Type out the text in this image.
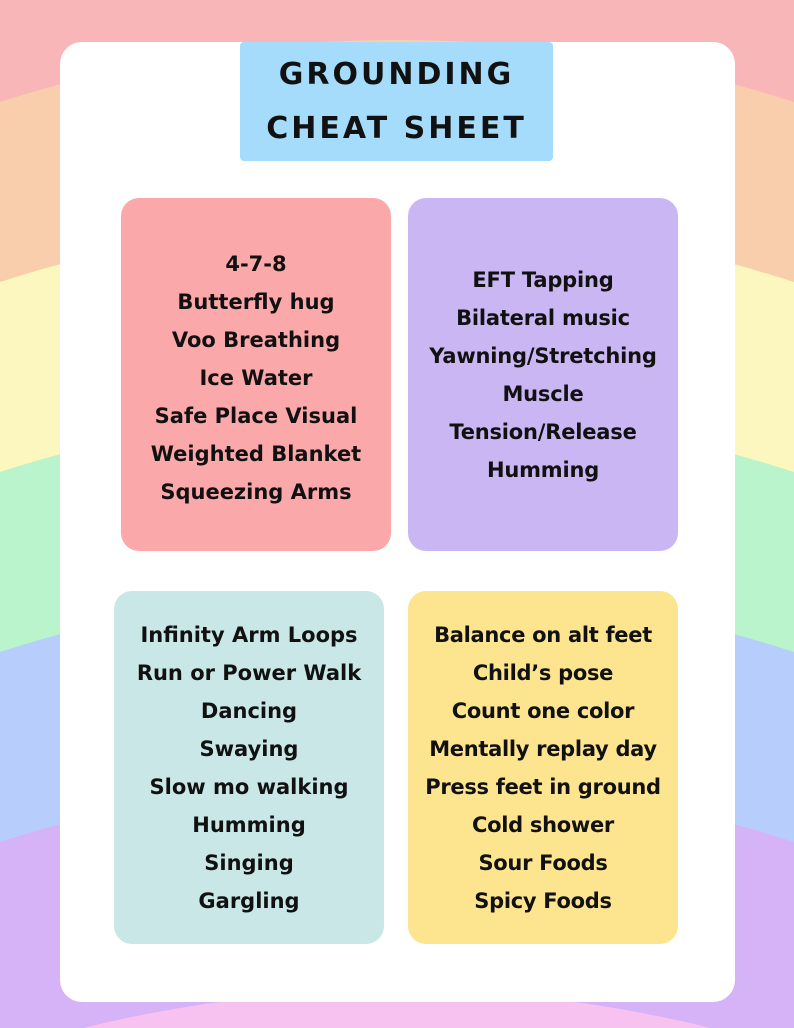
GROUNDING
CHEAT SHEET
4-7-8
Butterfly hug
Voo Breathing
Ice Water
Safe Place Visual
Weighted Blanket
Squeezing Arms
EFT Tapping
Bilateral music
Yawning/Stretching
Muscle
Tension/Release
Humming
Infinity Arm Loops
Run or Power Walk
Dancing
Swaying
Slow mo walking
Humming
Singing
Gargling
Balance on alt feet
Child’s pose
Count one color
Mentally replay day
Press feet in ground
Cold shower
Sour Foods
Spicy Foods
